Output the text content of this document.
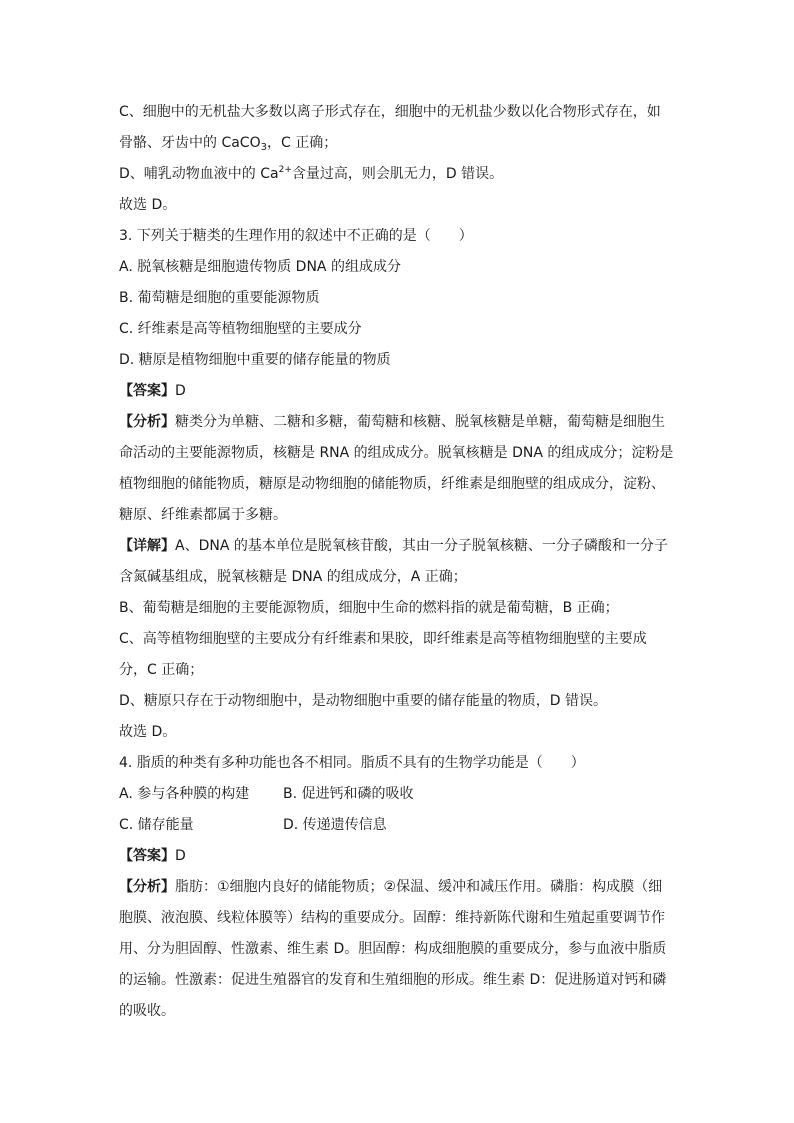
C、细胞中的无机盐大多数以离子形式存在，细胞中的无机盐少数以化合物形式存在，如
骨骼、牙齿中的 CaCO$_3$，C 正确；
D、哺乳动物血液中的 $Ca^{2+}$含量过高，则会肌无力，D 错误。
故选 D。
3. 下列关于糖类的生理作用的叙述中不正确的是（　　）
A. 脱氧核糖是细胞遗传物质 DNA 的组成成分
B. 葡萄糖是细胞的重要能源物质
C. 纤维素是高等植物细胞壁的主要成分
D. 糖原是植物细胞中重要的储存能量的物质
【答案】D
【分析】糖类分为单糖、二糖和多糖，葡萄糖和核糖、脱氧核糖是单糖，葡萄糖是细胞生
命活动的主要能源物质，核糖是 RNA 的组成成分。脱氧核糖是 DNA 的组成成分；淀粉是
植物细胞的储能物质，糖原是动物细胞的储能物质，纤维素是细胞壁的组成成分，淀粉、
糖原、纤维素都属于多糖。
【详解】A、DNA 的基本单位是脱氧核苷酸，其由一分子脱氧核糖、一分子磷酸和一分子
含氮碱基组成，脱氧核糖是 DNA 的组成成分，A 正确；
B、葡萄糖是细胞的主要能源物质，细胞中生命的燃料指的就是葡萄糖，B 正确；
C、高等植物细胞壁的主要成分有纤维素和果胶，即纤维素是高等植物细胞壁的主要成
分，C 正确；
D、糖原只存在于动物细胞中，是动物细胞中重要的储存能量的物质，D 错误。
故选 D。
4. 脂质的种类有多种功能也各不相同。脂质不具有的生物学功能是（　　）
A. 参与各种膜的构建 B. 促进钙和磷的吸收
C. 储存能量	D. 传递遗传信息
【答案】D
【分析】脂肪：①细胞内良好的储能物质；②保温、缓冲和减压作用。磷脂：构成膜（细
胞膜、液泡膜、线粒体膜等）结构的重要成分。固醇：维持新陈代谢和生殖起重要调节作
用、分为胆固醇、性激素、维生素 D。胆固醇：构成细胞膜的重要成分，参与血液中脂质
的运输。性激素：促进生殖器官的发育和生殖细胞的形成。维生素 D：促进肠道对钙和磷
的吸收。
